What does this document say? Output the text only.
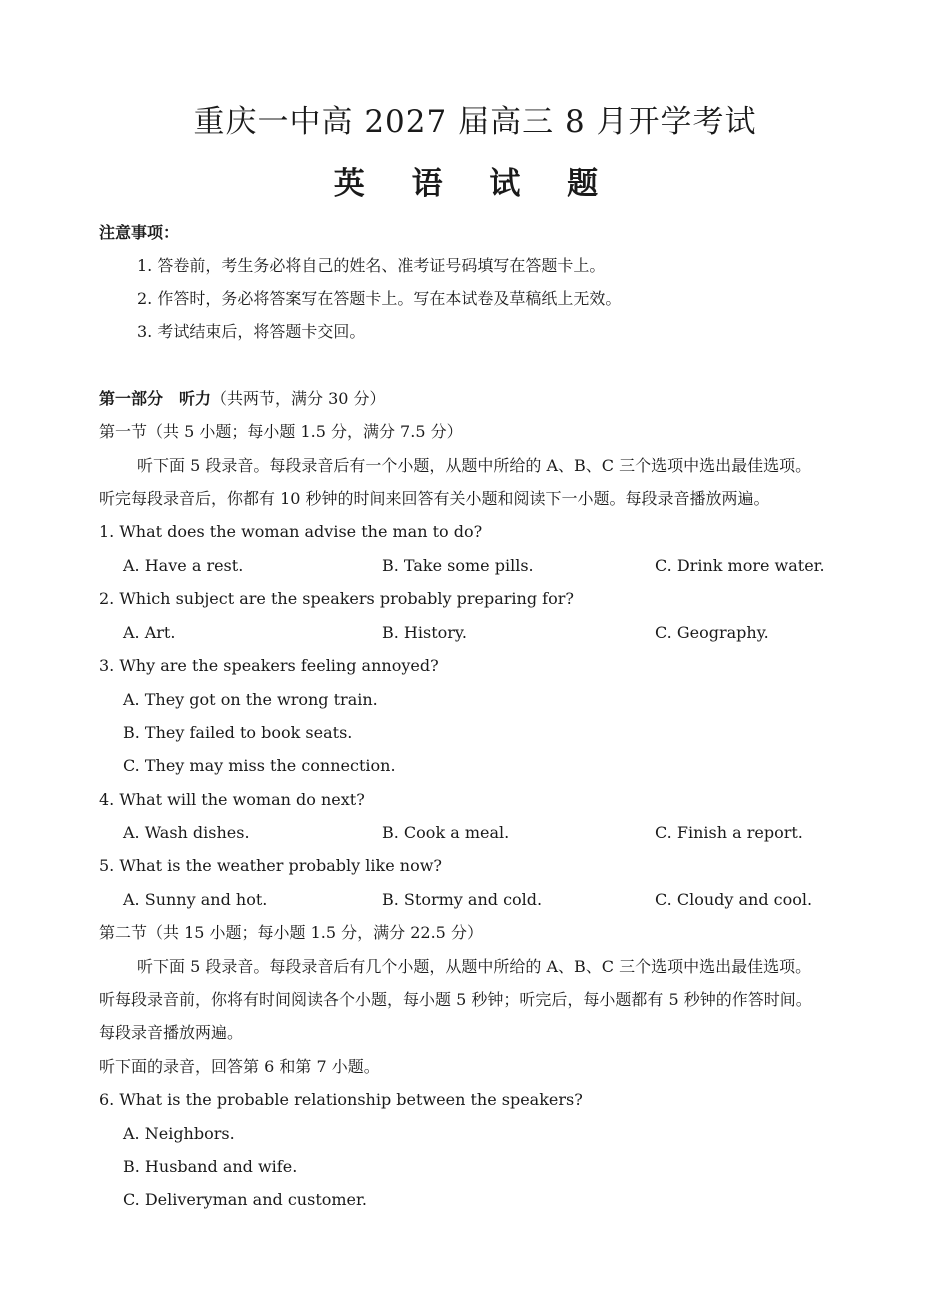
重庆一中高 2027 届高三 8 月开学考试
英 语 试 题
注意事项：
1. 答卷前，考生务必将自己的姓名、准考证号码填写在答题卡上。
2. 作答时，务必将答案写在答题卡上。写在本试卷及草稿纸上无效。
3. 考试结束后，将答题卡交回。
第一部分　听力（共两节，满分 30 分）
第一节（共 5 小题；每小题 1.5 分，满分 7.5 分）
听下面 5 段录音。每段录音后有一个小题，从题中所给的 A、B、C 三个选项中选出最佳选项。
听完每段录音后，你都有 10 秒钟的时间来回答有关小题和阅读下一小题。每段录音播放两遍。
1. What does the woman advise the man to do?
A. Have a rest.	B. Take some pills.	C. Drink more water.
2. Which subject are the speakers probably preparing for?
A. Art.	B. History.	C. Geography.
3. Why are the speakers feeling annoyed?
A. They got on the wrong train.
B. They failed to book seats.
C. They may miss the connection.
4. What will the woman do next?
A. Wash dishes.	B. Cook a meal.	C. Finish a report.
5. What is the weather probably like now?
A. Sunny and hot.	B. Stormy and cold.	C. Cloudy and cool.
第二节（共 15 小题；每小题 1.5 分，满分 22.5 分）
听下面 5 段录音。每段录音后有几个小题，从题中所给的 A、B、C 三个选项中选出最佳选项。
听每段录音前，你将有时间阅读各个小题，每小题 5 秒钟；听完后，每小题都有 5 秒钟的作答时间。
每段录音播放两遍。
听下面的录音，回答第 6 和第 7 小题。
6. What is the probable relationship between the speakers?
A. Neighbors.
B. Husband and wife.
C. Deliveryman and customer.
